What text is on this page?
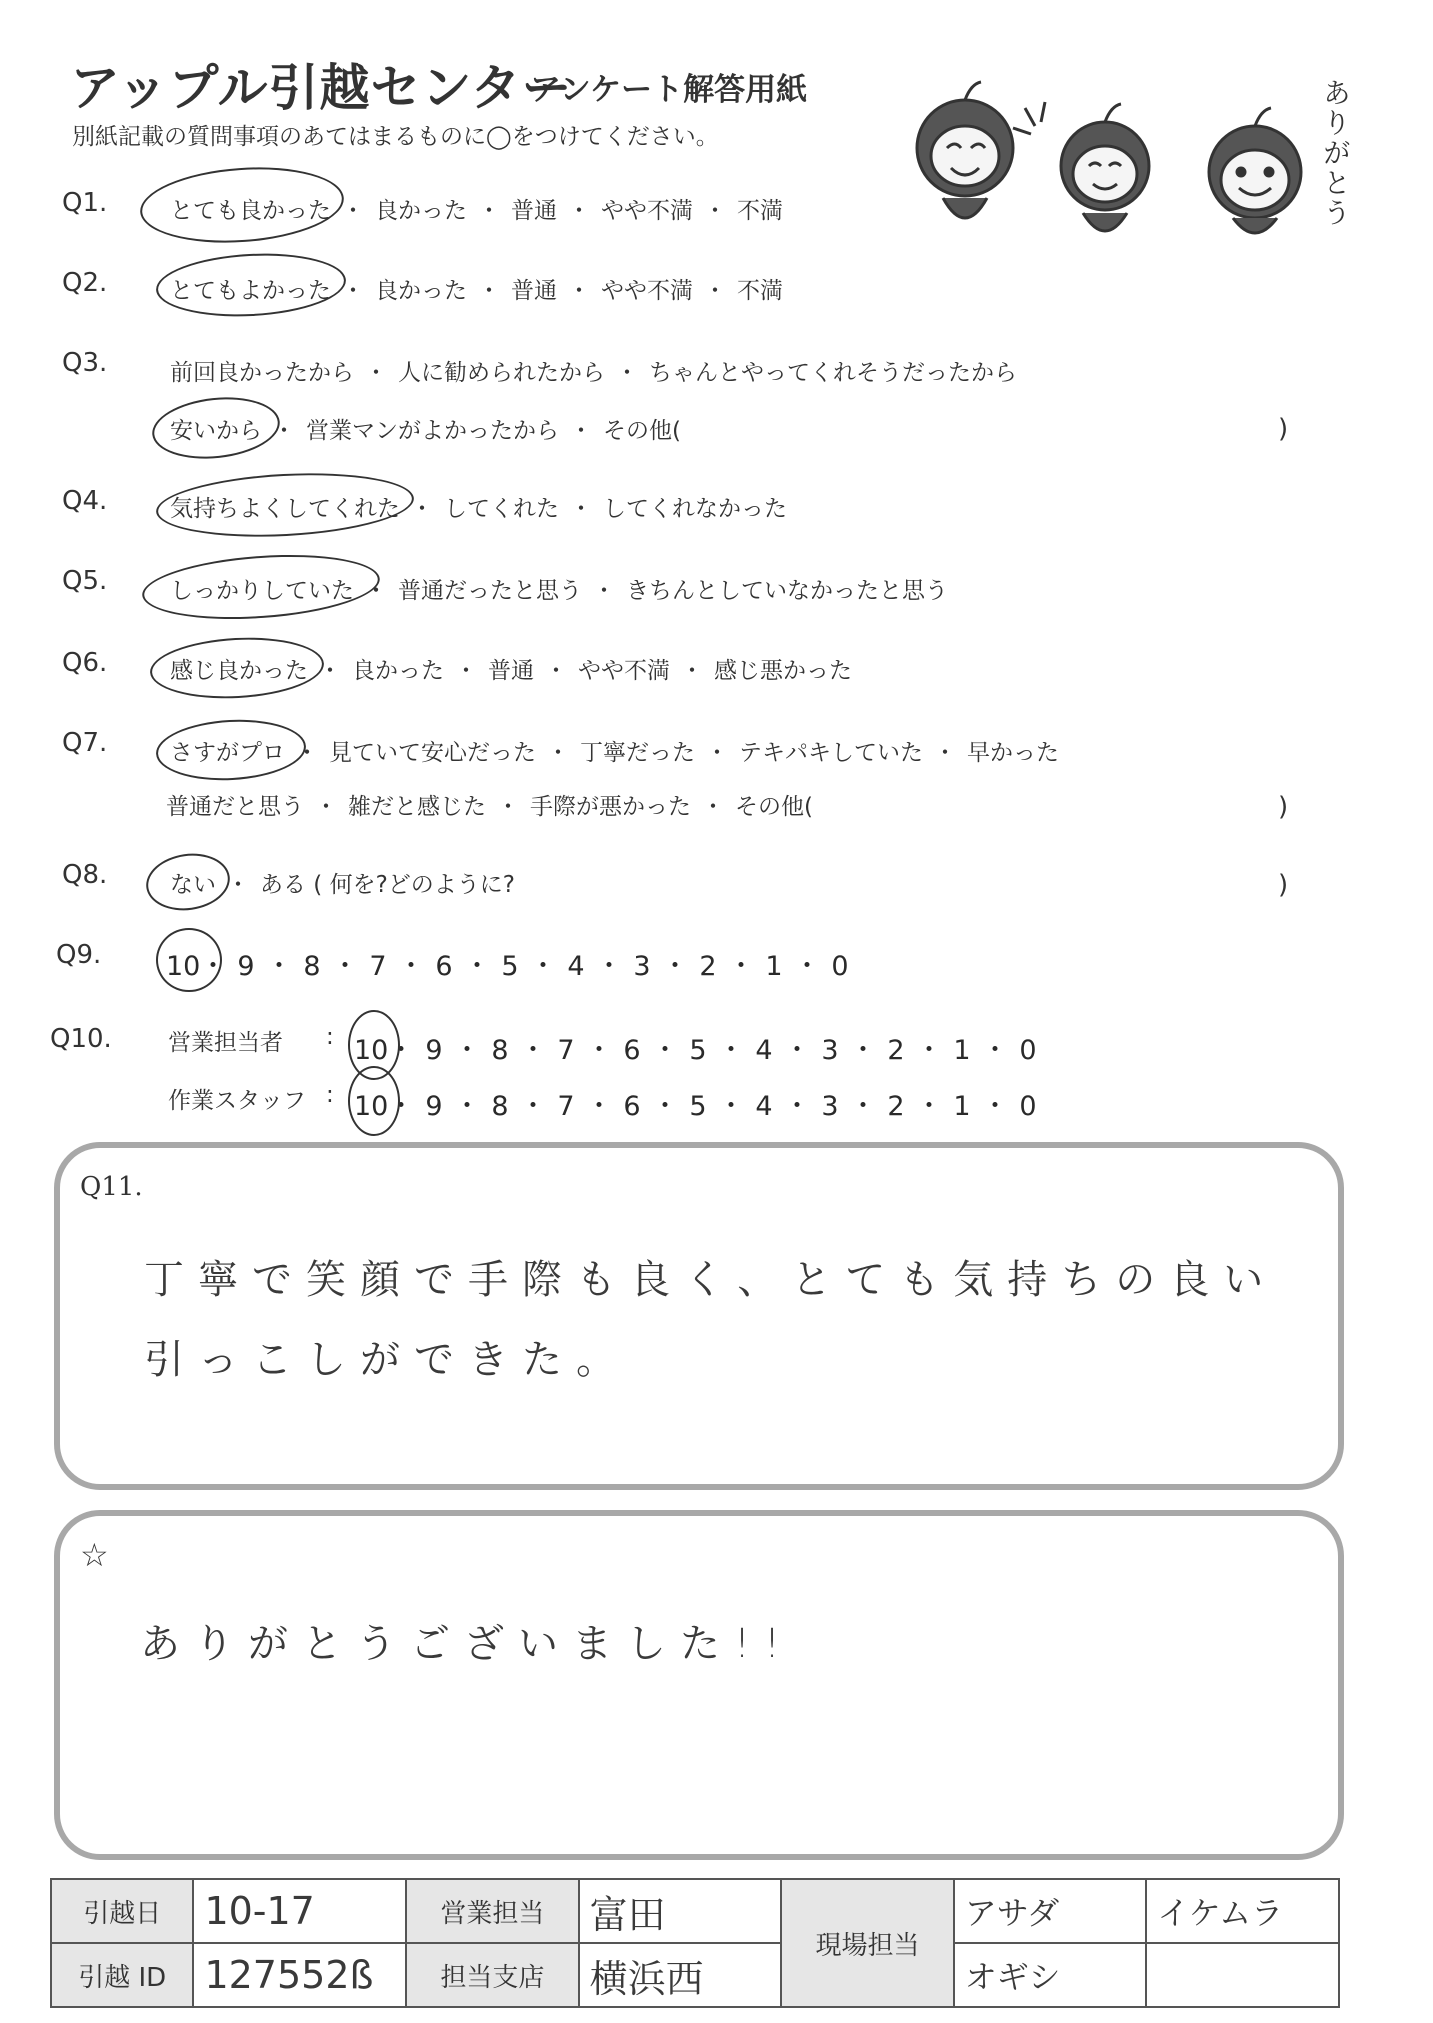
アップル引越センター
アンケート解答用紙
別紙記載の質問事項のあてはまるものに◯をつけてください。	ありがとう
Q1.	とても良かった ・ 良かった ・ 普通 ・ やや不満 ・ 不満
Q2.	とてもよかった ・ 良かった ・ 普通 ・ やや不満 ・ 不満
Q3.	前回良かったから ・ 人に勧められたから ・ ちゃんとやってくれそうだったから
安いから ・ 営業マンがよかったから ・ その他(	)
Q4.	気持ちよくしてくれた ・ してくれた ・ してくれなかった
Q5.	しっかりしていた ・ 普通だったと思う ・ きちんとしていなかったと思う
Q6.	感じ良かった ・ 良かった ・ 普通 ・ やや不満 ・ 感じ悪かった
Q7.	さすがプロ ・ 見ていて安心だった ・ 丁寧だった ・ テキパキしていた ・ 早かった
普通だと思う ・ 雑だと感じた ・ 手際が悪かった ・ その他(	)
Q8.	ない ・ ある ( 何を?どのように?	)
Q9. 10・ 9 ・ 8 ・ 7 ・ 6 ・ 5 ・ 4 ・ 3 ・ 2 ・ 1 ・ 0
Q10. 営業担当者 : 10・ 9 ・ 8 ・ 7 ・ 6 ・ 5 ・ 4 ・ 3 ・ 2 ・ 1 ・ 0
作業スタッフ : 10・ 9 ・ 8 ・ 7 ・ 6 ・ 5 ・ 4 ・ 3 ・ 2 ・ 1 ・ 0
Q11.
丁寧で笑顔で手際も良く、とても気持ちの良い
引っこしができた。
☆
ありがとうございました!!
引越日	10-17	営業担当	富田	現場担当	アサダ	イケムラ
引越 ID	127552ß	担当支店	横浜西		オギシ	
